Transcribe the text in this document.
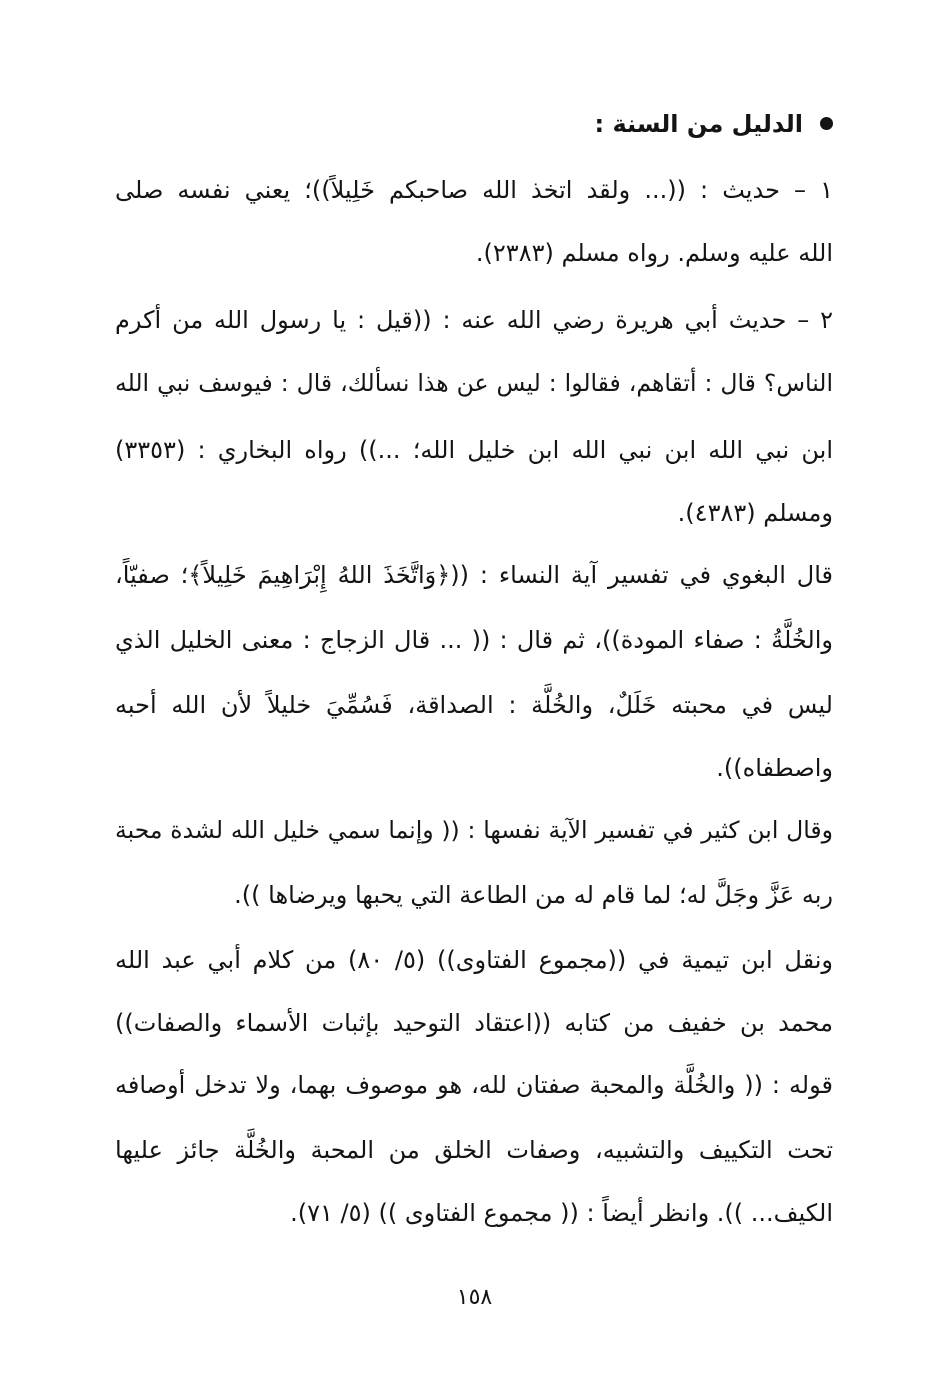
الدليل من السنة :
١ – حديث : ((... ولقد اتخذ الله صاحبكم خَلِيلاً))؛ يعني نفسه صلى
الله عليه وسلم. رواه مسلم (٢٣٨٣).
٢ – حديث أبي هريرة رضي الله عنه : ((قيل : يا رسول الله من أكرم
الناس؟ قال : أتقاهم، فقالوا : ليس عن هذا نسألك، قال : فيوسف نبي الله
ابن نبي الله ابن نبي الله ابن خليل الله؛ ...)) رواه البخاري : (٣٣٥٣)
ومسلم (٤٣٨٣).
قال البغوي في تفسير آية النساء : ((﴿وَاتَّخَذَ اللهُ إِبْرَاهِيمَ خَلِيلاً﴾؛ صفيّاً،
والخُلَّةُ : صفاء المودة))، ثم قال : (( ... قال الزجاج : معنى الخليل الذي
ليس في محبته خَلَلٌ، والخُلَّة : الصداقة، فَسُمِّيَ خليلاً لأن الله أحبه
واصطفاه)).
وقال ابن كثير في تفسير الآية نفسها : (( وإنما سمي خليل الله لشدة محبة
ربه عَزَّ وجَلَّ له؛ لما قام له من الطاعة التي يحبها ويرضاها )).
ونقل ابن تيمية في ((مجموع الفتاوى)) (٥/ ٨٠) من كلام أبي عبد الله
محمد بن خفيف من كتابه ((اعتقاد التوحيد بإثبات الأسماء والصفات))
قوله : (( والخُلَّة والمحبة صفتان لله، هو موصوف بهما، ولا تدخل أوصافه
تحت التكييف والتشبيه، وصفات الخلق من المحبة والخُلَّة جائز عليها
الكيف... )). وانظر أيضاً : (( مجموع الفتاوى )) (٥/ ٧١).
١٥٨
